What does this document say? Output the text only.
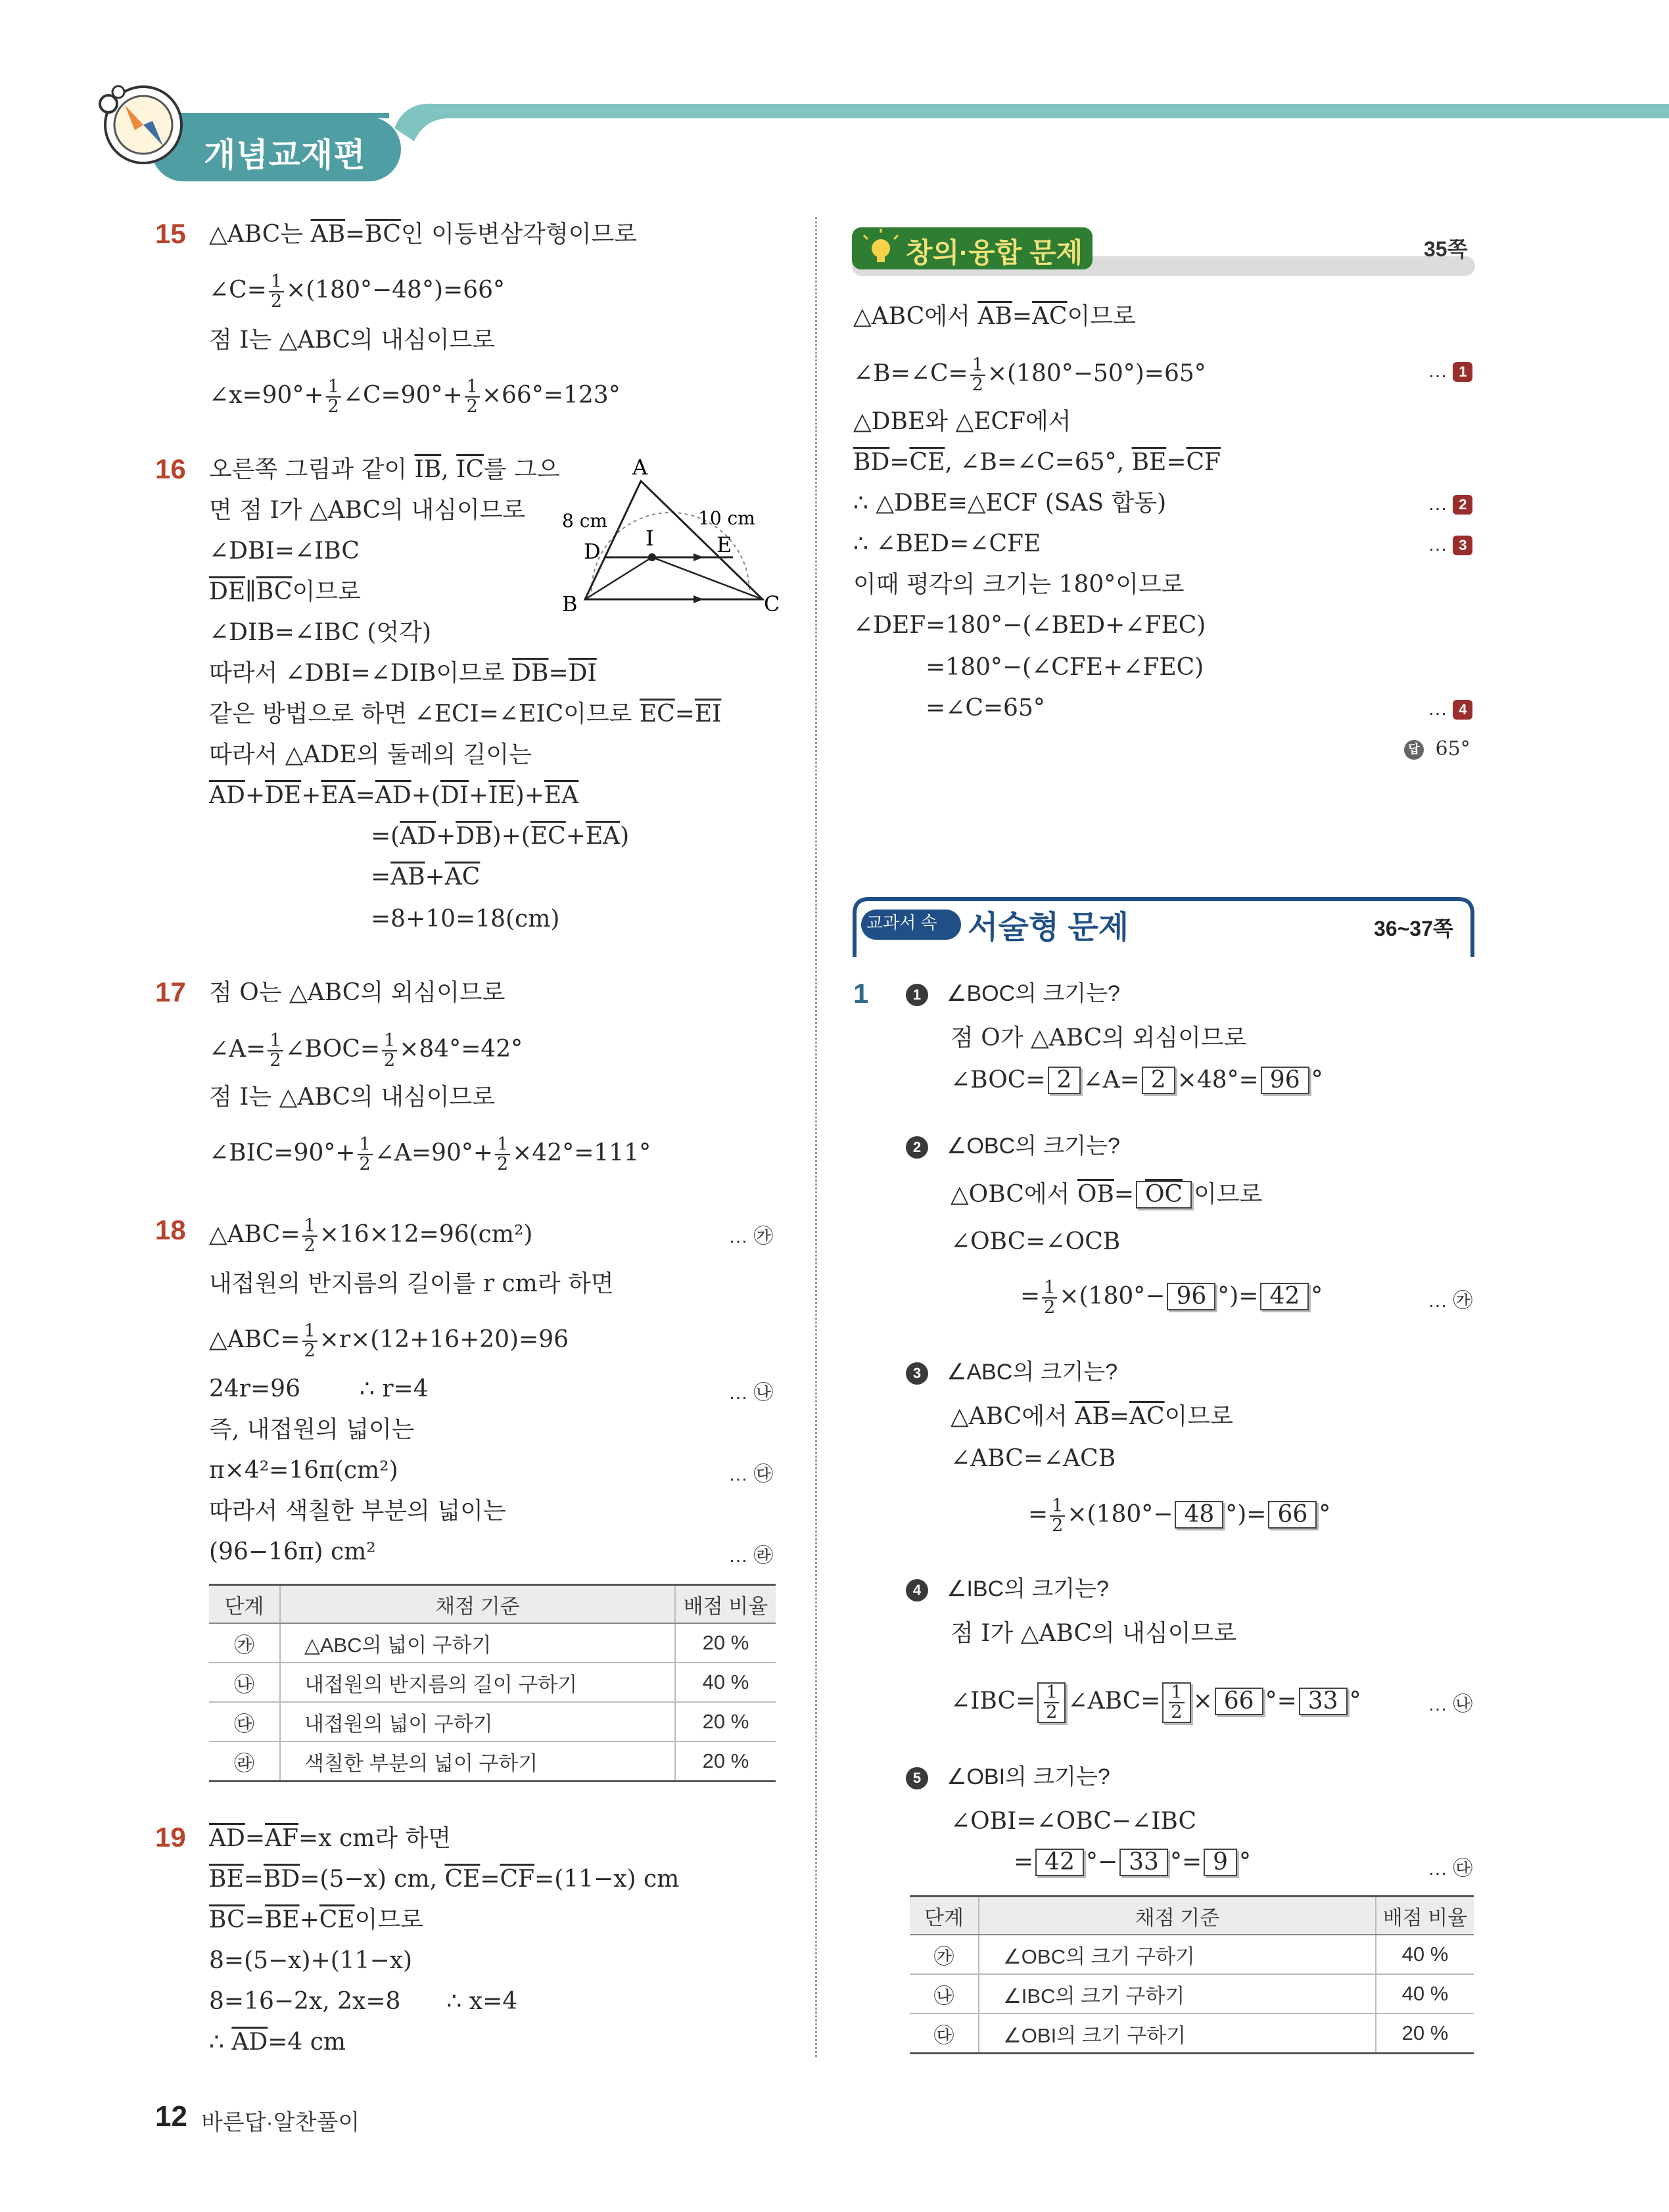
개념교재편
15 △ABC는 $\overline{AB}=\overline{BC}$인 이등변삼각형이므로
∠C= $\frac{1}{2} \times(180^\circ-48^\circ)=66^\circ$
점 I는 △ABC의 내심이므로
∠x=90°+ $\frac{1}{2}$ ∠C=90°+ $\frac{1}{2} \times 66^\circ=123^\circ$
16 오른쪽 그림과 같이 $\overline{IB}$, $\overline{IC}$를 그으
면 점 I가 △ABC의 내심이므로
∠DBI=∠IBC
$\overline{DE}\parallel\overline{BC}$이므로
∠DIB=∠IBC (엇각)
따라서 ∠DBI=∠DIB이므로 $\overline{DB}=\overline{DI}$
같은 방법으로 하면 ∠ECI=∠EIC이므로 $\overline{EC}=\overline{EI}$
따라서 △ADE의 둘레의 길이는
$\overline{AD}+\overline{DE}+\overline{EA}=\overline{AD}+(\overline{DI}+\overline{IE})+\overline{EA}$
$=(\overline{AD}+\overline{DB})+(\overline{EC}+\overline{EA})$
$=\overline{AB}+\overline{AC}$
=8+10=18(cm)
A
B	C
D	E
I
8 cm	10 cm
17 점 O는 △ABC의 외심이므로
∠A= $\frac{1}{2}$ ∠BOC= $\frac{1}{2} \times 84^\circ=42^\circ$
점 I는 △ABC의 내심이므로
∠BIC=90°+ $\frac{1}{2}$ ∠A=90°+ $\frac{1}{2} \times 42^\circ=111^\circ$
18 △ABC= $\frac{1}{2} \times 16\times 12=96(cm^2)$	… ㉮
내접원의 반지름의 길이를 r cm라 하면
△ABC= $\frac{1}{2} \times r\times(12+16+20)=96$
24r=96	∴ r=4	… ㉯
즉, 내접원의 넓이는
π×4²=16π(cm²)	… ㉰
따라서 색칠한 부분의 넓이는
(96−16π) cm²	… ㉱
단계	채점 기준	배점 비율
㉮	△ABC의 넓이 구하기	20 %
㉯	내접원의 반지름의 길이 구하기	40 %
㉰	내접원의 넓이 구하기	20 %
㉱	색칠한 부분의 넓이 구하기	20 %
19 $\overline{AD}=\overline{AF}=x$ cm라 하면
$\overline{BE}=\overline{BD}=(5-x)$ cm, $\overline{CE}=\overline{CF}=(11-x)$ cm
$\overline{BC}=\overline{BE}+\overline{CE}$이므로
8=(5−x)+(11−x)
8=16−2x, 2x=8 ∴ x=4
∴ $\overline{AD}=4$ cm
12 바른답·알찬풀이
창의·융합 문제	35쪽
△ABC에서 $\overline{AB}=\overline{AC}$이므로
∠B=∠C= $\frac{1}{2} \times(180^\circ-50^\circ)=65^\circ$	… 1
△DBE와 △ECF에서
$\overline{BD}=\overline{CE}$, ∠B=∠C=65°, $\overline{BE}=\overline{CF}$
∴ △DBE≡△ECF (SAS 합동)	… 2
∴ ∠BED=∠CFE	… 3
이때 평각의 크기는 180°이므로
∠DEF=180°−(∠BED+∠FEC)
=180°−(∠CFE+∠FEC)
=∠C=65°	… 4
답 65°
교과서 속 서술형 문제	36~37쪽
1	1 ∠BOC의 크기는?
점 O가 △ABC의 외심이므로
∠BOC= 2 ∠A= 2 ×48°= 96 °
2 ∠OBC의 크기는?
△OBC에서 $\overline{OB}= \overline{OC}$ 이므로
∠OBC=∠OCB
= $\frac{1}{2} \times(180^\circ- 96$ °)= 42 °	… ㉮
3 ∠ABC의 크기는?
△ABC에서 $\overline{AB}=\overline{AC}$이므로
∠ABC=∠ACB
= $\frac{1}{2} \times(180^\circ- 48$ °)= 66 °
4 ∠IBC의 크기는?
점 I가 △ABC의 내심이므로
∠IBC= $\frac{1}{2}$ ∠ABC= $\frac{1}{2} \times 66$ °= 33 °	… ㉯
5 ∠OBI의 크기는?
∠OBI=∠OBC−∠IBC
= 42 °− 33 °= 9 °	… ㉰
단계	채점 기준	배점 비율
㉮	∠OBC의 크기 구하기	40 %
㉯	∠IBC의 크기 구하기	40 %
㉰	∠OBI의 크기 구하기	20 %
